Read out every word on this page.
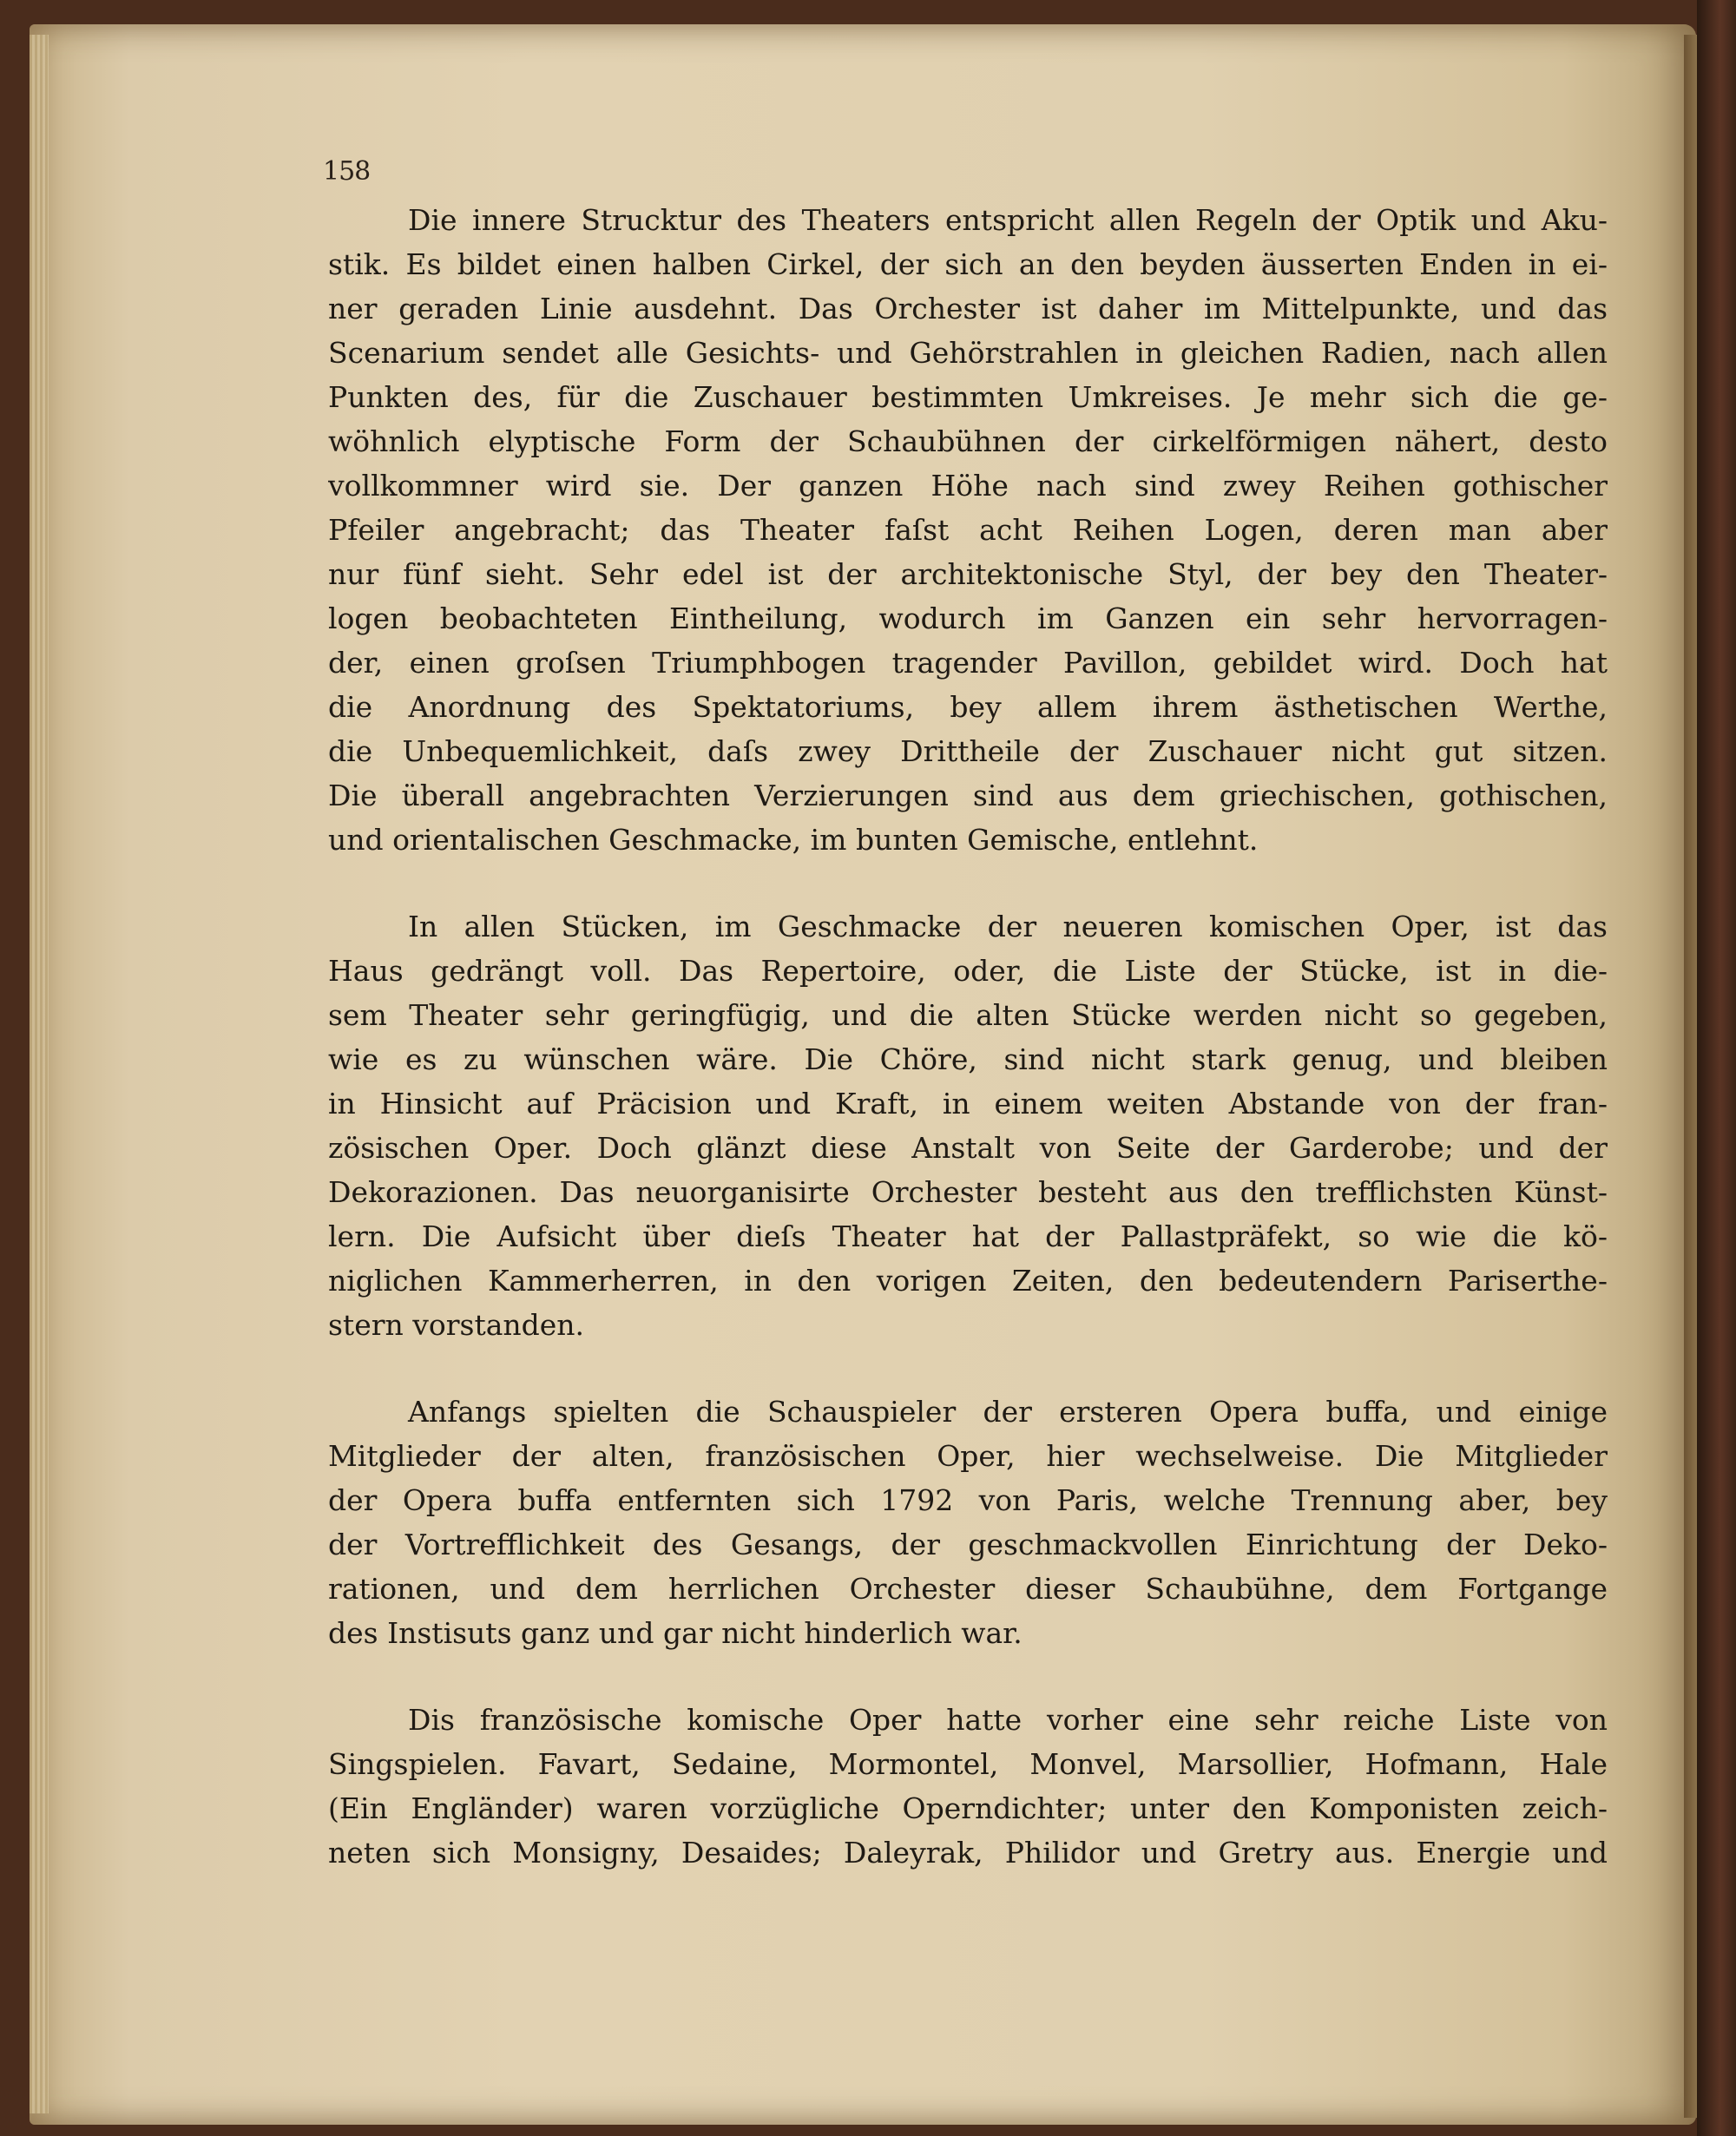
158
Die innere Strucktur des Theaters entspricht allen Regeln der Optik und Aku-
stik. Es bildet einen halben Cirkel, der sich an den beyden äusserten Enden in ei-
ner geraden Linie ausdehnt. Das Orchester ist daher im Mittelpunkte, und das
Scenarium sendet alle Gesichts- und Gehörstrahlen in gleichen Radien, nach allen
Punkten des, für die Zuschauer bestimmten Umkreises. Je mehr sich die ge-
wöhnlich elyptische Form der Schaubühnen der cirkelförmigen nähert, desto
vollkommner wird sie. Der ganzen Höhe nach sind zwey Reihen gothischer
Pfeiler angebracht; das Theater faſst acht Reihen Logen, deren man aber
nur fünf sieht. Sehr edel ist der architektonische Styl, der bey den Theater-
logen beobachteten Eintheilung, wodurch im Ganzen ein sehr hervorragen-
der, einen groſsen Triumphbogen tragender Pavillon, gebildet wird. Doch hat
die Anordnung des Spektatoriums, bey allem ihrem ästhetischen Werthe,
die Unbequemlichkeit, daſs zwey Drittheile der Zuschauer nicht gut sitzen.
Die überall angebrachten Verzierungen sind aus dem griechischen, gothischen,
und orientalischen Geschmacke, im bunten Gemische, entlehnt.
In allen Stücken, im Geschmacke der neueren komischen Oper, ist das
Haus gedrängt voll. Das Repertoire, oder, die Liste der Stücke, ist in die-
sem Theater sehr geringfügig, und die alten Stücke werden nicht so gegeben,
wie es zu wünschen wäre. Die Chöre, sind nicht stark genug, und bleiben
in Hinsicht auf Präcision und Kraft, in einem weiten Abstande von der fran-
zösischen Oper. Doch glänzt diese Anstalt von Seite der Garderobe; und der
Dekorazionen. Das neuorganisirte Orchester besteht aus den trefflichsten Künst-
lern. Die Aufsicht über dieſs Theater hat der Pallastpräfekt, so wie die kö-
niglichen Kammerherren, in den vorigen Zeiten, den bedeutendern Pariserthe-
stern vorstanden.
Anfangs spielten die Schauspieler der ersteren Opera buffa, und einige
Mitglieder der alten, französischen Oper, hier wechselweise. Die Mitglieder
der Opera buffa entfernten sich 1792 von Paris, welche Trennung aber, bey
der Vortrefflichkeit des Gesangs, der geschmackvollen Einrichtung der Deko-
rationen, und dem herrlichen Orchester dieser Schaubühne, dem Fortgange
des Instisuts ganz und gar nicht hinderlich war.
Dis französische komische Oper hatte vorher eine sehr reiche Liste von
Singspielen. Favart, Sedaine, Mormontel, Monvel, Marsollier, Hofmann, Hale
(Ein Engländer) waren vorzügliche Operndichter; unter den Komponisten zeich-
neten sich Monsigny, Desaides; Daleyrak, Philidor und Gretry aus. Energie und
